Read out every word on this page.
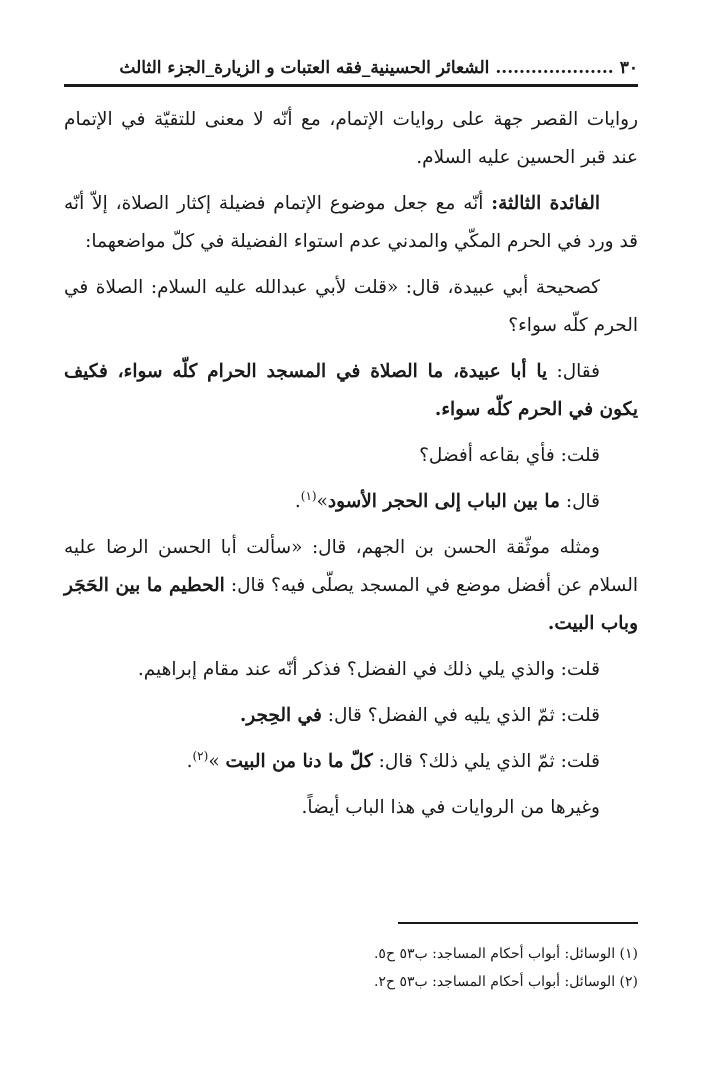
٣٠
....................
الشعائر الحسينية_فقه العتبات و الزيارة_الجزء الثالث

روايات القصر جهة على روايات الإتمام، مع أنّه لا معنى للتقيّة في الإتمام عند قبر الحسين عليه السلام.

الفائدة الثالثة: أنّه مع جعل موضوع الإتمام فضيلة إكثار الصلاة، إلاّ أنّه قد ورد في الحرم المكّي والمدني عدم استواء الفضيلة في كلّ مواضعهما:

كصحيحة أبي عبيدة، قال: «قلت لأبي عبدالله عليه السلام: الصلاة في الحرم كلّه سواء؟

فقال: يا أبا عبيدة، ما الصلاة في المسجد الحرام كلّه سواء، فكيف يكون في الحرم كلّه سواء.

قلت: فأي بقاعه أفضل؟

قال: ما بين الباب إلى الحجر الأسود»$^{(١)}$.

ومثله موثّقة الحسن بن الجهم، قال: «سألت أبا الحسن الرضا عليه السلام عن أفضل موضع في المسجد يصلّى فيه؟ قال: الحطيم ما بين الحَجَر وباب البيت.

قلت: والذي يلي ذلك في الفضل؟ فذكر أنّه عند مقام إبراهيم.

قلت: ثمّ الذي يليه في الفضل؟ قال: في الحِجر.

قلت: ثمّ الذي يلي ذلك؟ قال: كلّ ما دنا من البيت »$^{(٢)}$.

وغيرها من الروايات في هذا الباب أيضاً.

(١) الوسائل: أبواب أحكام المساجد: ب٥٣ ح٥.

(٢) الوسائل: أبواب أحكام المساجد: ب٥٣ ح٢.
